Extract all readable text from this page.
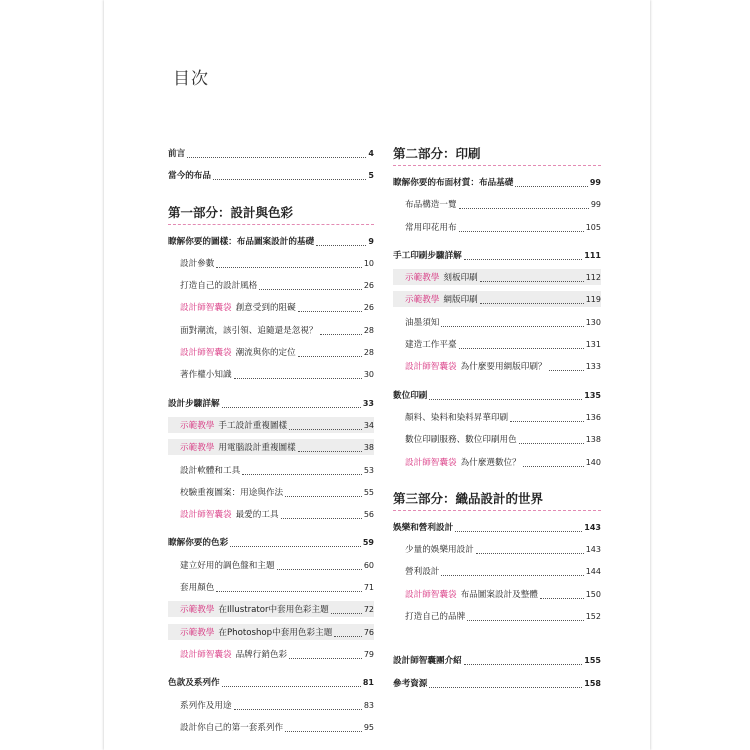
目次
前言	4
當今的布品	5
第一部分：設計與色彩
瞭解你要的圖樣：布品圖案設計的基礎	9
設計參數	10
打造自己的設計風格	26
設計師智囊袋 創意受到的阻礙	26
面對潮流，該引領、追隨還是忽視？	28
設計師智囊袋 潮流與你的定位	28
著作權小知識	30
設計步驟詳解	33
示範教學 手工設計重複圖樣	34
示範教學 用電腦設計重複圖樣	38
設計軟體和工具	53
校驗重複圖案：用途與作法	55
設計師智囊袋 最愛的工具	56
瞭解你要的色彩	59
建立好用的調色盤和主題	60
套用顏色	71
示範教學 在Illustrator中套用色彩主題	72
示範教學 在Photoshop中套用色彩主題	76
設計師智囊袋 品牌行銷色彩	79
色款及系列作	81
系列作及用途	83
設計你自己的第一套系列作	95
第二部分：印刷
瞭解你要的布面材質：布品基礎	99
布品構造一覽	99
常用印花用布	105
手工印刷步驟詳解	111
示範教學 刻板印刷	112
示範教學 網版印刷	119
油墨須知	130
建造工作平臺	131
設計師智囊袋 為什麼要用網版印刷？	133
數位印刷	135
顏料、染料和染料昇華印刷	136
數位印刷服務、數位印刷用色	138
設計師智囊袋 為什麼選數位？	140
第三部分：織品設計的世界
娛樂和營利設計	143
少量的娛樂用設計	143
營利設計	144
設計師智囊袋 布品圖案設計及整體	150
打造自己的品牌	152
設計師智囊團介紹	155
參考資源	158
